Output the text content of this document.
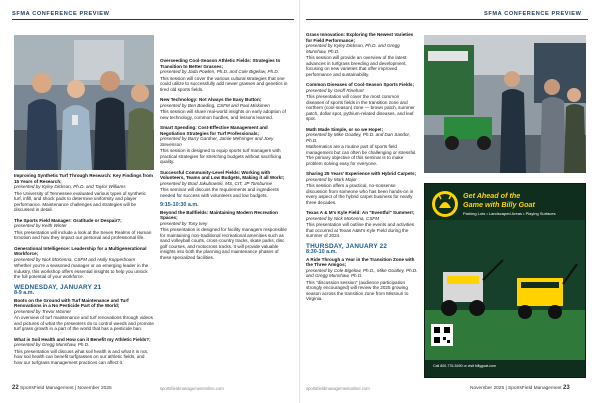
SFMA CONFERENCE PREVIEW

Improving Synthetic Turf Through Research: Key Findings from 15 Years of Research;
presented by Kyley Dickson, Ph.D. and Taylor Williams

The University of Tennessee evaluated various types of synthetic turf, infill, and shock pads to determine uniformity and player performance. Maintenance challenges and strategies will be discussed in detail.

The Sports Field Manager: Gratitude or Despair?;
presented by Keith Winter

This presentation will include a look at the Seven Realms of Human Emotion and how they impact our personal and professional life.

Generational Intelligence: Leadership for a Multigenerational Workforce;
presented by Nick McKenna, CSFM and Holly Kopperboom

Whether you're a seasoned manager or an emerging leader in the industry, this workshop offers essential insights to help you unlock the full potential of your workforce.

WEDNESDAY, JANUARY 21
8-9 a.m.

Boots on the Ground with Turf Maintenance and Turf Renovations in a No Pesticide Part of the World;
presented by Trevor Warner

An overview of turf maintenance and turf renovations through videos and pictures of what the presenters do to control weeds and promote turf grass growth in a part of the world that has a pesticide ban.

What is Soil Health and How can it Benefit my Athletic Fields?;
presented by Gregg Munshaw, Ph.D.

This presentation will discuss what soil health is and what it is not, how soil health can benefit turfgrasses on our athletic fields, and how our turfgrass management practices can affect it.

Overseeding Cool-Season Athletic Fields: Strategies to Transition to Better Grasses;
presented by Jada Powlen, Ph.D. and Cole Bigelow, Ph.D.

This session will cover the various cultural strategies that one could utilize to successfully add newer grasses and genetics in tired old sports fields.

New Technology: Not Always the Easy Button;
presented by Ben Boeding, CSFM and Paul Miskimen

This session will share real-world insights on early adoption of new technology, common hurdles, and lessons learned.

Smart Spending: Cost-Effective Management and Negotiation Strategies for Turf Professionals;
presented by Barry Gardner, Jamie Mehringer and Joey Stevenson

This session is designed to equip sports turf managers with practical strategies for stretching budgets without sacrificing quality.

Successful Community-Level Fields: Working with Volunteers, Teams and Low Budgets, Making it all Work!;
presented by Brad Jakubowski, MS, CIT, JP Tamburine

This seminar will discuss the requirements and ingredients needed for success with volunteers and low budgets.

9:15-10:30 a.m.

Beyond the Ballfields: Maintaining Modern Recreation Spaces;
presented by Tony Ivey

This presentation is designed for facility managers responsible for maintaining non-traditional recreational amenities such as sand volleyball courts, cross-country tracks, skate parks, disc golf courses, and motocross tracks. It will provide valuable insights into both the planning and maintenance phases of these specialized facilities.

22 SportsField Management | November 2025	sportsfieldmanagementonline.com
SFMA CONFERENCE PREVIEW

Grass Innovation: Exploring the Newest Varieties for Field Performance;
presented by Kyley Dickson, Ph.D. and Gregg Munshaw, Ph.D.

This session will provide an overview of the latest advances in turfgrass breeding and development, focusing on new varieties that offer improved performance and sustainability.

Common Diseases of Cool-Season Sports Fields;
presented by Geoff Rinehart

This presentation will cover the most common diseases of sports fields in the transition zone and northern (cool-season) zone — brown patch, summer patch, dollar spot, pythium-related diseases, and leaf spot.

Math Made Simple, or so we Hope!;
presented by Mike Goatley, Ph.D. and Dan Sandor, Ph.D.

Mathematics are a routine part of sports field management but can often be challenging or stressful. The primary objective of this seminar is to make problem solving easy for everyone.

Sharing 25 Years' Experience with Hybrid Carpets;
presented by Mark Major

This session offers a practical, no-nonsense discussion from someone who has been hands-on in every aspect of the hybrid carpet business for nearly three decades.

Texas A & M's Kyle Field: An "Eventful" Summer!;
presented by Nick McKenna, CSFM

This presentation will outline the events and activities that occurred at Texas A&M's Kyle Field during the summer of 2024.

THURSDAY, JANUARY 22
8:30-10 a.m.

A Ride Through a Year in the Transition Zone with the Three Amigos;
presented by Cole Bigelow, Ph.D., Mike Goatley, Ph.D. and Gregg Munshaw, Ph.D.

This "discussion session" (audience participation strongly encouraged) will review the 2025 growing season across the transition zone from Missouri to Virginia.

Get Ahead of the
Game with Billy Goat
Parking Lots • Landscaped Areas • Playing Surfaces
Call 800-776-5490 or visit billygoat.com
sportsfieldmanagementonline.com	November 2025 | SportsField Management 23
